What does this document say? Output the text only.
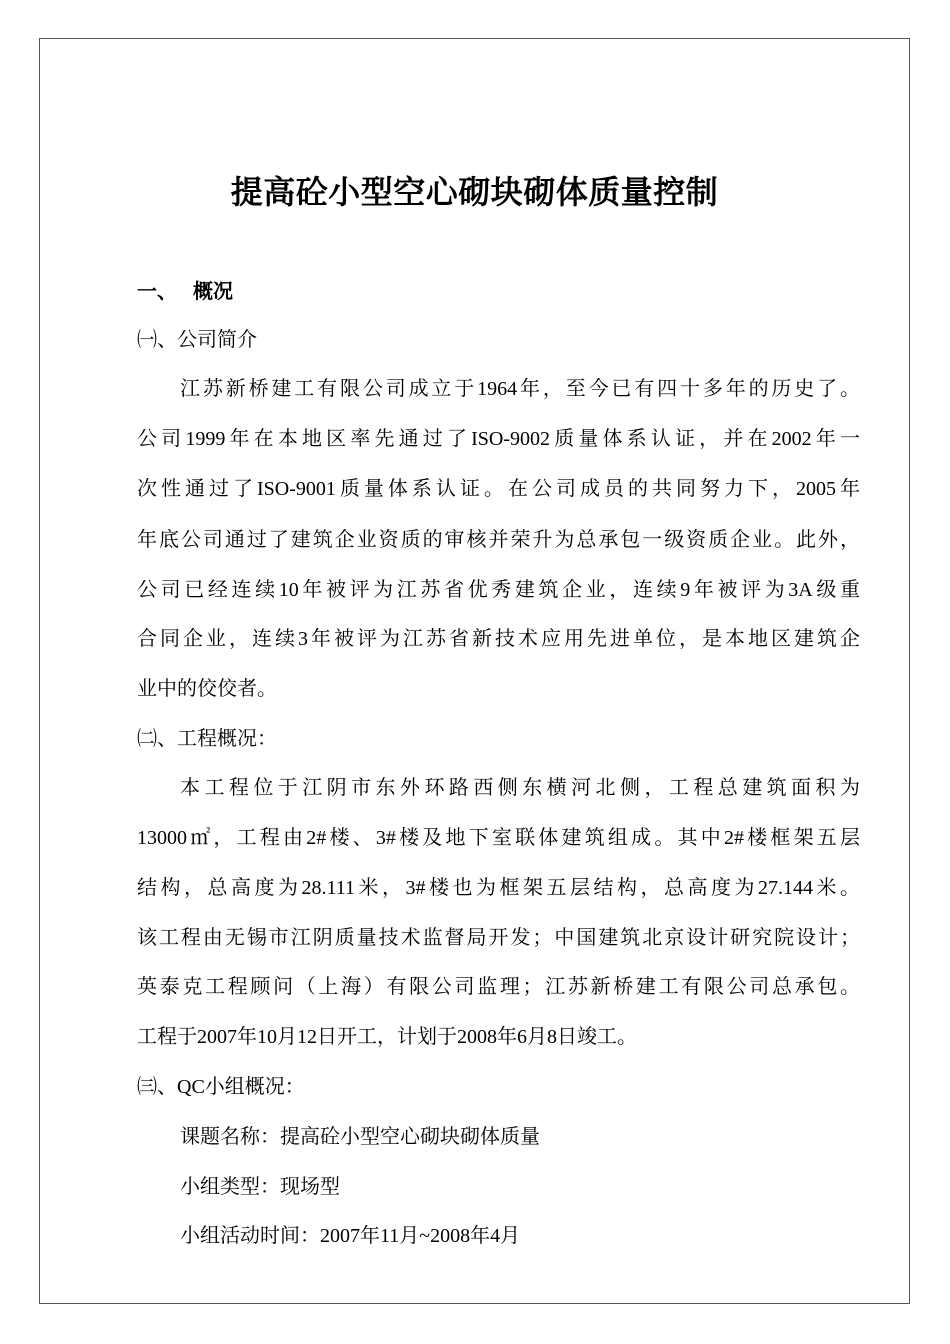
提高砼小型空心砌块砌体质量控制
一、 概况

㈠、公司简介

江苏新桥建工有限公司成立于1964年，至今已有四十多年的历史了。

公司1999年在本地区率先通过了ISO-9002质量体系认证，并在2002年一

次性通过了ISO-9001质量体系认证。在公司成员的共同努力下，2005年

年底公司通过了建筑企业资质的审核并荣升为总承包一级资质企业。此外，

公司已经连续10年被评为江苏省优秀建筑企业，连续9年被评为3A级重

合同企业，连续3年被评为江苏省新技术应用先进单位，是本地区建筑企

业中的佼佼者。

㈡、工程概况：

本工程位于江阴市东外环路西侧东横河北侧，工程总建筑面积为

13000㎡，工程由2#楼、3#楼及地下室联体建筑组成。其中2#楼框架五层

结构，总高度为28.111米，3#楼也为框架五层结构，总高度为27.144米。

该工程由无锡市江阴质量技术监督局开发；中国建筑北京设计研究院设计；

英泰克工程顾问（上海）有限公司监理；江苏新桥建工有限公司总承包。

工程于2007年10月12日开工，计划于2008年6月8日竣工。

㈢、QC小组概况：

课题名称：提高砼小型空心砌块砌体质量

小组类型：现场型

小组活动时间：2007年11月~2008年4月
